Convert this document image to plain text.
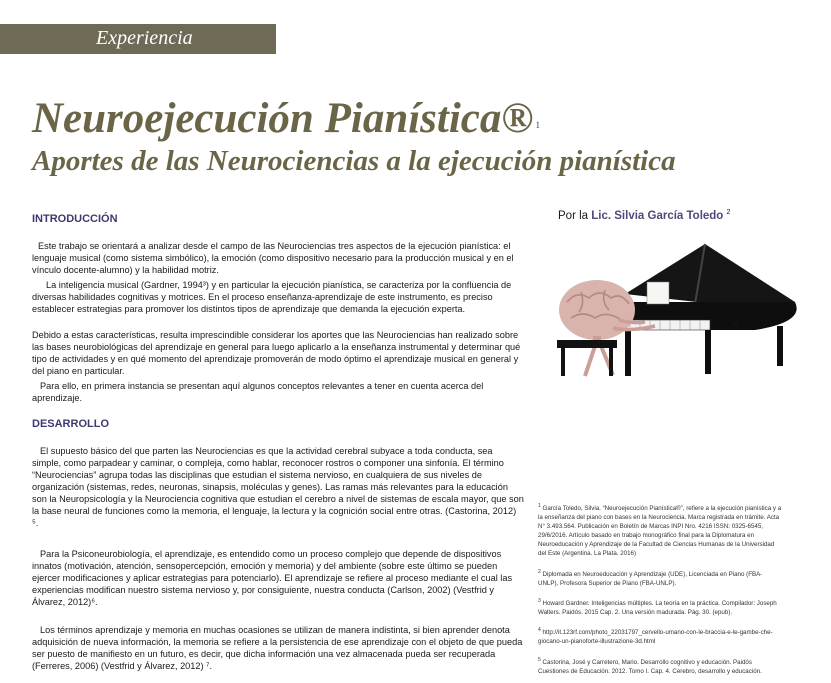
Experiencia
Neuroejecución Pianística® $^1$
Aportes de las Neurociencias a la ejecución pianística
INTRODUCCIÓN

Este trabajo se orientará a analizar desde el campo de las Neurociencias tres aspectos de la ejecución pianística: el lenguaje musical (como sistema simbólico), la emoción (como dispositivo necesario para la producción musical y en el vínculo docente-alumno) y la habilidad motriz.

La inteligencia musical (Gardner, 1994³) y en particular la ejecución pianística, se caracteriza por la confluencia de diversas habilidades cognitivas y motrices. En el proceso enseñanza-aprendizaje de este instrumento, es preciso establecer estrategias para promover los distintos tipos de aprendizaje que demanda la ejecución experta.

Debido a estas características, resulta imprescindible considerar los aportes que las Neurociencias han realizado sobre las bases neurobiológicas del aprendizaje en general para luego aplicarlo a la enseñanza instrumental y determinar qué tipo de actividades y en qué momento del aprendizaje promoverán de modo óptimo el aprendizaje musical en general y del piano en particular.

Para ello, en primera instancia se presentan aquí algunos conceptos relevantes a tener en cuenta acerca del aprendizaje.

DESARROLLO

El supuesto básico del que parten las Neurociencias es que la actividad cerebral subyace a toda conducta, sea simple, como parpadear y caminar, o compleja, como hablar, reconocer rostros o componer una sinfonía. El término “Neurociencias” agrupa todas las disciplinas que estudian el sistema nervioso, en cualquiera de sus niveles de organización (sistemas, redes, neuronas, sinapsis, moléculas y genes). Las ramas más relevantes para la educación son la Neuropsicología y la Neurociencia cognitiva que estudian el cerebro a nivel de sistemas de escala mayor, que son la base neural de funciones como la memoria, el lenguaje, la lectura y la cognición social entre otras. (Castorina, 2012) ⁵.

Para la Psiconeurobiología, el aprendizaje, es entendido como un proceso complejo que depende de dispositivos innatos (motivación, atención, sensopercepción, emoción y memoria) y del ambiente (sobre este último se pueden ejercer modificaciones y aplicar estrategias para potenciarlo). El aprendizaje se refiere al proceso mediante el cual las experiencias modifican nuestro sistema nervioso y, por consiguiente, nuestra conducta (Carlson, 2002) (Vestfrid y Álvarez, 2012)⁶.

Los términos aprendizaje y memoria en muchas ocasiones se utilizan de manera indistinta, si bien aprender denota adquisición de nueva información, la memoria se refiere a la persistencia de ese aprendizaje con el objeto de que pueda ser puesto de manifiesto en un futuro, es decir, que dicha información una vez almacenada pueda ser recuperada (Ferreres, 2006) (Vestfrid y Álvarez, 2012) ⁷.

Por la Lic. Silvia García Toledo $^2$
4

$^1$ García Toledo, Silvia. “Neuroejecución Pianística®”, refiere a la ejecución pianística y a la enseñanza del piano con bases en la Neurociencia. Marca registrada en trámite. Acta N° 3.493.564. Publicación en Boletín de Marcas INPI Nro. 4216 ISSN: 0325-6545, 29/6/2016. Artículo basado en trabajo monográfico final para la Diplomatura en Neuroeducación y Aprendizaje de la Facultad de Ciencias Humanas de la Universidad del Este (Argentina. La Plata. 2016)

$^2$ Diplomada en Neuroeducación y Aprendizaje (UDE), Licenciada en Piano (FBA-UNLP), Profesora Superior de Piano (FBA-UNLP).

$^3$ Howard Gardner. Inteligencias múltiples. La teoría en la práctica. Compilador: Joseph Walters. Paidós. 2015 Cap. 2. Una versión madurada. Pág. 30. (epub).

$^4$ http://it.123rf.com/photo_22031797_cervello-umano-con-le-braccia-e-le-gambe-che-giocano-un-pianoforte-illustrazione-3d.html

$^5$ Castorina, José y Carretero, Mario. Desarrollo cognitivo y educación. Paidós Cuestiones de Educación. 2012. Tomo I. Cap. 4. Cerebro, desarrollo y educación.
